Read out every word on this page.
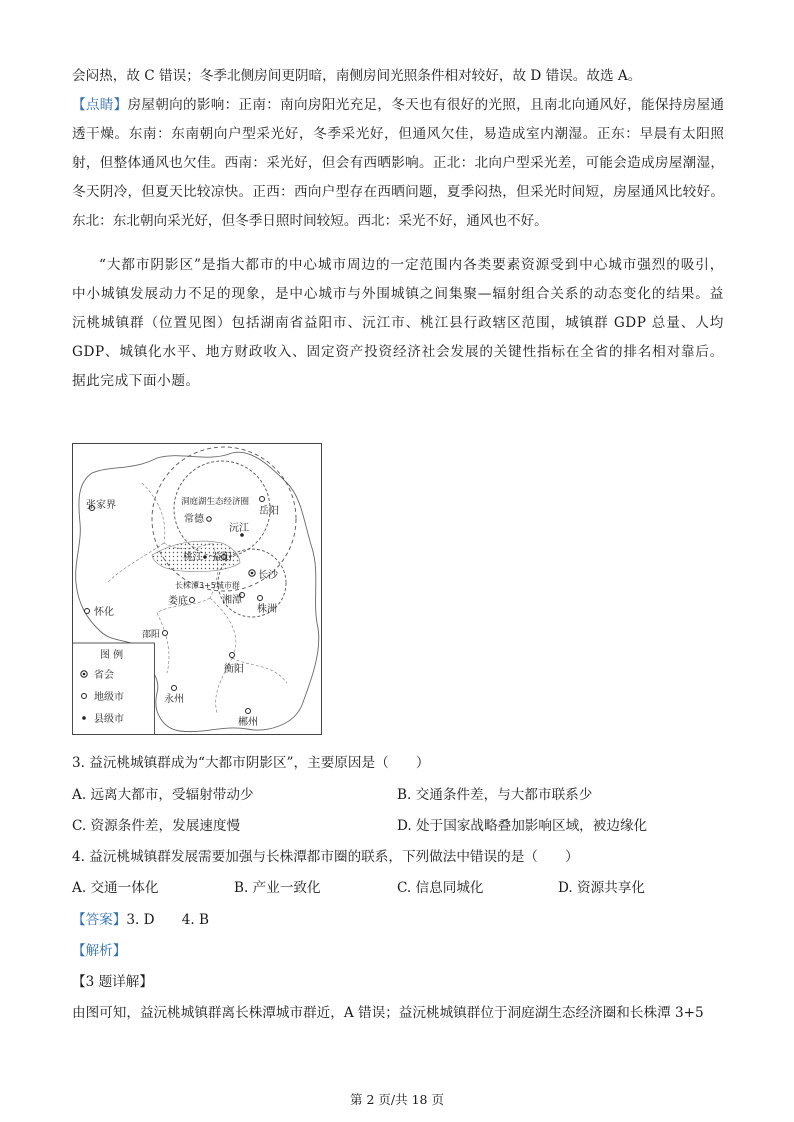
会闷热，故 C 错误；冬季北侧房间更阴暗，南侧房间光照条件相对较好，故 D 错误。故选 A。
【点睛】房屋朝向的影响：正南：南向房阳光充足，冬天也有很好的光照，且南北向通风好，能保持房屋通透干燥。东南：东南朝向户型采光好，冬季采光好，但通风欠佳，易造成室内潮湿。正东：早晨有太阳照射，但整体通风也欠佳。西南：采光好，但会有西晒影响。正北：北向户型采光差，可能会造成房屋潮湿，冬天阴冷，但夏天比较凉快。正西：西向户型存在西晒问题，夏季闷热，但采光时间短，房屋通风比较好。东北：东北朝向采光好，但冬季日照时间较短。西北：采光不好，通风也不好。
“大都市阴影区”是指大都市的中心城市周边的一定范围内各类要素资源受到中心城市强烈的吸引，中小城镇发展动力不足的现象，是中心城市与外围城镇之间集聚—辐射组合关系的动态变化的结果。益沅桃城镇群（位置见图）包括湖南省益阳市、沅江市、桃江县行政辖区范围，城镇群 GDP 总量、人均 GDP、城镇化水平、地方财政收入、固定资产投资经济社会发展的关键性指标在全省的排名相对靠后。据此完成下面小题。
张家界
常德
岳阳
洞庭湖生态经济圈
沅江
桃江 益阳
长沙
长株潭3+5城市群
娄底	湘潭
株洲
怀化
邵阳
衡阳
永州
郴州
图 例
省会
地级市
县级市
3. 益沅桃城镇群成为“大都市阴影区”，主要原因是（　　）
A. 远离大都市，受辐射带动少	B. 交通条件差，与大都市联系少
C. 资源条件差，发展速度慢	D. 处于国家战略叠加影响区域，被边缘化
4. 益沅桃城镇群发展需要加强与长株潭都市圈的联系，下列做法中错误的是（　　）
A. 交通一体化	B. 产业一致化	C. 信息同城化	D. 资源共享化
【答案】3. D　　4. B
【解析】
【3 题详解】
由图可知，益沅桃城镇群离长株潭城市群近，A 错误；益沅桃城镇群位于洞庭湖生态经济圈和长株潭 3+5
第 2 页/共 18 页
